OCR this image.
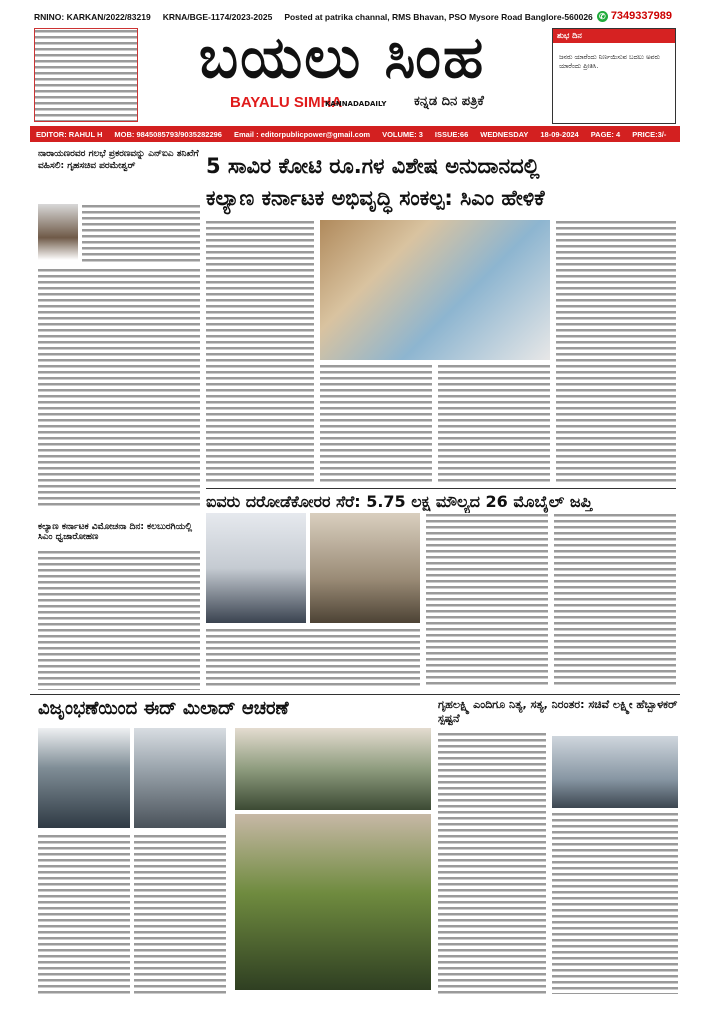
RNINO: KARKAN/2022/83219 KRNA/BGE-1174/2023-2025 Posted at patrika channal, RMS Bhavan, PSO Mysore Road Banglore-560026 ✆ 7349337989
ಬಯಲು ಸಿಂಹ
BAYALU SIMHA
KANNADADAILY ಕನ್ನಡ ದಿನ ಪತ್ರಿಕೆ
ಶುಭ ದಿನ
ಜನರು ಯಾರೆಂದು ನಿರ್ಣಯಿಸುವ ಬದಲು ಅವರು ಯಾರೆಂದು ಪ್ರೀತಿಸಿ.
EDITOR: RAHUL H MOB: 9845085793/9035282296 Email : editorpublicpower@gmail.com VOLUME: 3 ISSUE:66 WEDNESDAY 18-09-2024 PAGE: 4 PRICE:3/-
ನಾರಾಯಣರವರ ಗಲಭೆ ಪ್ರಕರಣವನ್ನು ಎನ್‌ಐಎ ತನಿಖೆಗೆ ವಹಿಸಲಿ: ಗೃಹಸಚಿವ ಪರಮೇಶ್ವರ್	5 ಸಾವಿರ ಕೋಟಿ ರೂ.ಗಳ ವಿಶೇಷ ಅನುದಾನದಲ್ಲಿ
ಕಲ್ಯಾಣ ಕರ್ನಾಟಕ ಅಭಿವೃದ್ಧಿ ಸಂಕಲ್ಪ: ಸಿಎಂ ಹೇಳಿಕೆ
ಐವರು ದರೋಡೆಕೋರರ ಸೆರೆ: 5.75 ಲಕ್ಷ ಮೌಲ್ಯದ 26 ಮೊಬೈಲ್ ಜಪ್ತಿ
ಕಲ್ಯಾಣ ಕರ್ನಾಟಕ ವಿಮೋಚನಾ ದಿನ: ಕಲಬುರಗಿಯಲ್ಲಿ ಸಿಎಂ ಧ್ವಜಾರೋಹಣ
ವಿಜೃಂಭಣೆಯಿಂದ ಈದ್ ಮಿಲಾದ್ ಆಚರಣೆ	ಗೃಹಲಕ್ಷ್ಮಿ ಎಂದಿಗೂ ನಿತ್ಯ, ಸತ್ಯ, ನಿರಂತರ: ಸಚಿವೆ ಲಕ್ಷ್ಮೀ ಹೆಬ್ಬಾಳಕರ್ ಸ್ಪಷ್ಟನೆ
